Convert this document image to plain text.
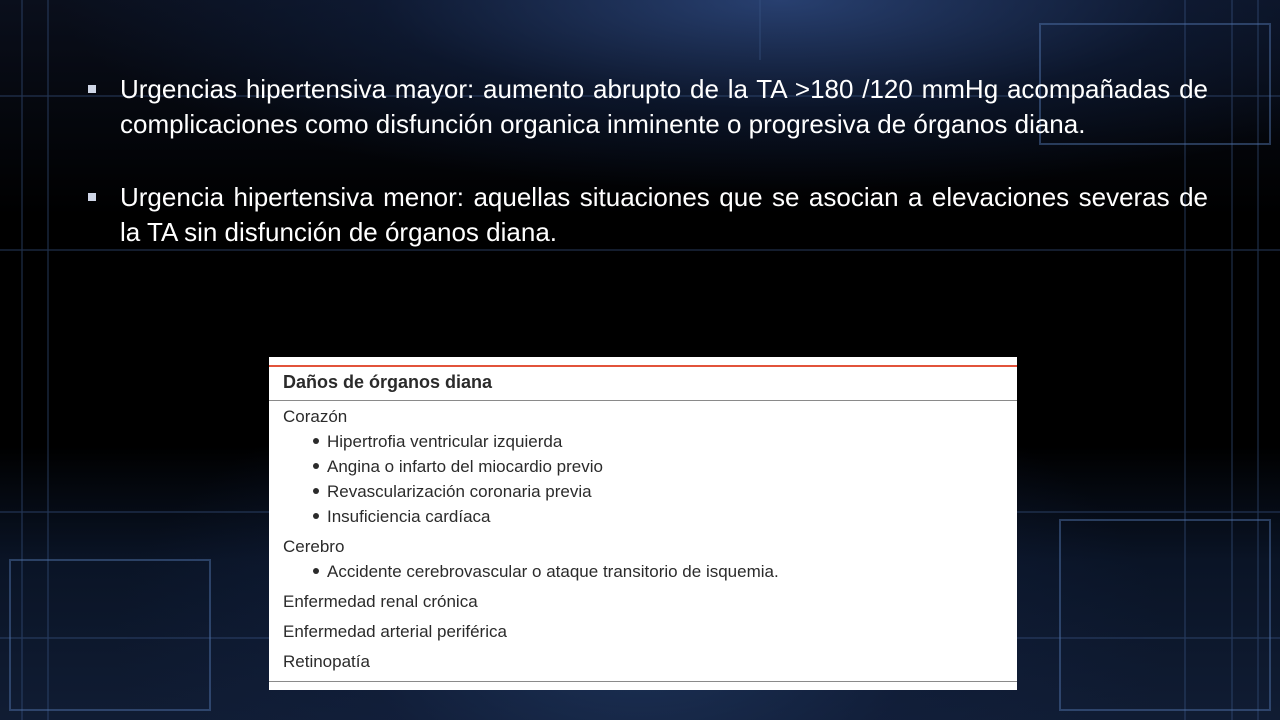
Urgencias hipertensiva mayor: aumento abrupto de la TA >180 /120 mmHg acompañadas de complicaciones como disfunción organica inminente o progresiva de órganos diana.
Urgencia hipertensiva menor: aquellas situaciones que se asocian a elevaciones severas de la TA sin disfunción de órganos diana.
Daños de órganos diana
Corazón
Hipertrofia ventricular izquierda
Angina o infarto del miocardio previo
Revascularización coronaria previa
Insuficiencia cardíaca
Cerebro
Accidente cerebrovascular o ataque transitorio de isquemia.
Enfermedad renal crónica
Enfermedad arterial periférica
Retinopatía
